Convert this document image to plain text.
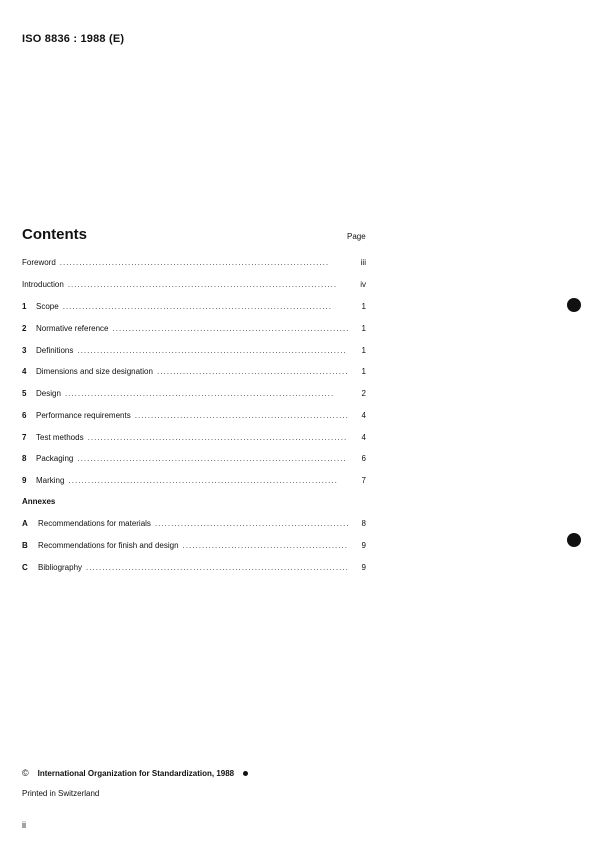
ISO 8836 : 1988 (E)
Contents	Page
Foreword . . .	iii
Introduction . . .	iv
1	Scope . . .	1
2	Normative reference . . .	1
3	Definitions . . .	1
4	Dimensions and size designation . . .	1
5	Design . . .	2
6	Performance requirements . . .	4
7	Test methods . . .	4
8	Packaging . . .	6
9	Marking . . .	7
A	Recommendations for materials . . .	8
B	Recommendations for finish and design . . .	9
C	Bibliography . . .	9
Annexes
© International Organization for Standardization, 1988
Printed in Switzerland
ii
